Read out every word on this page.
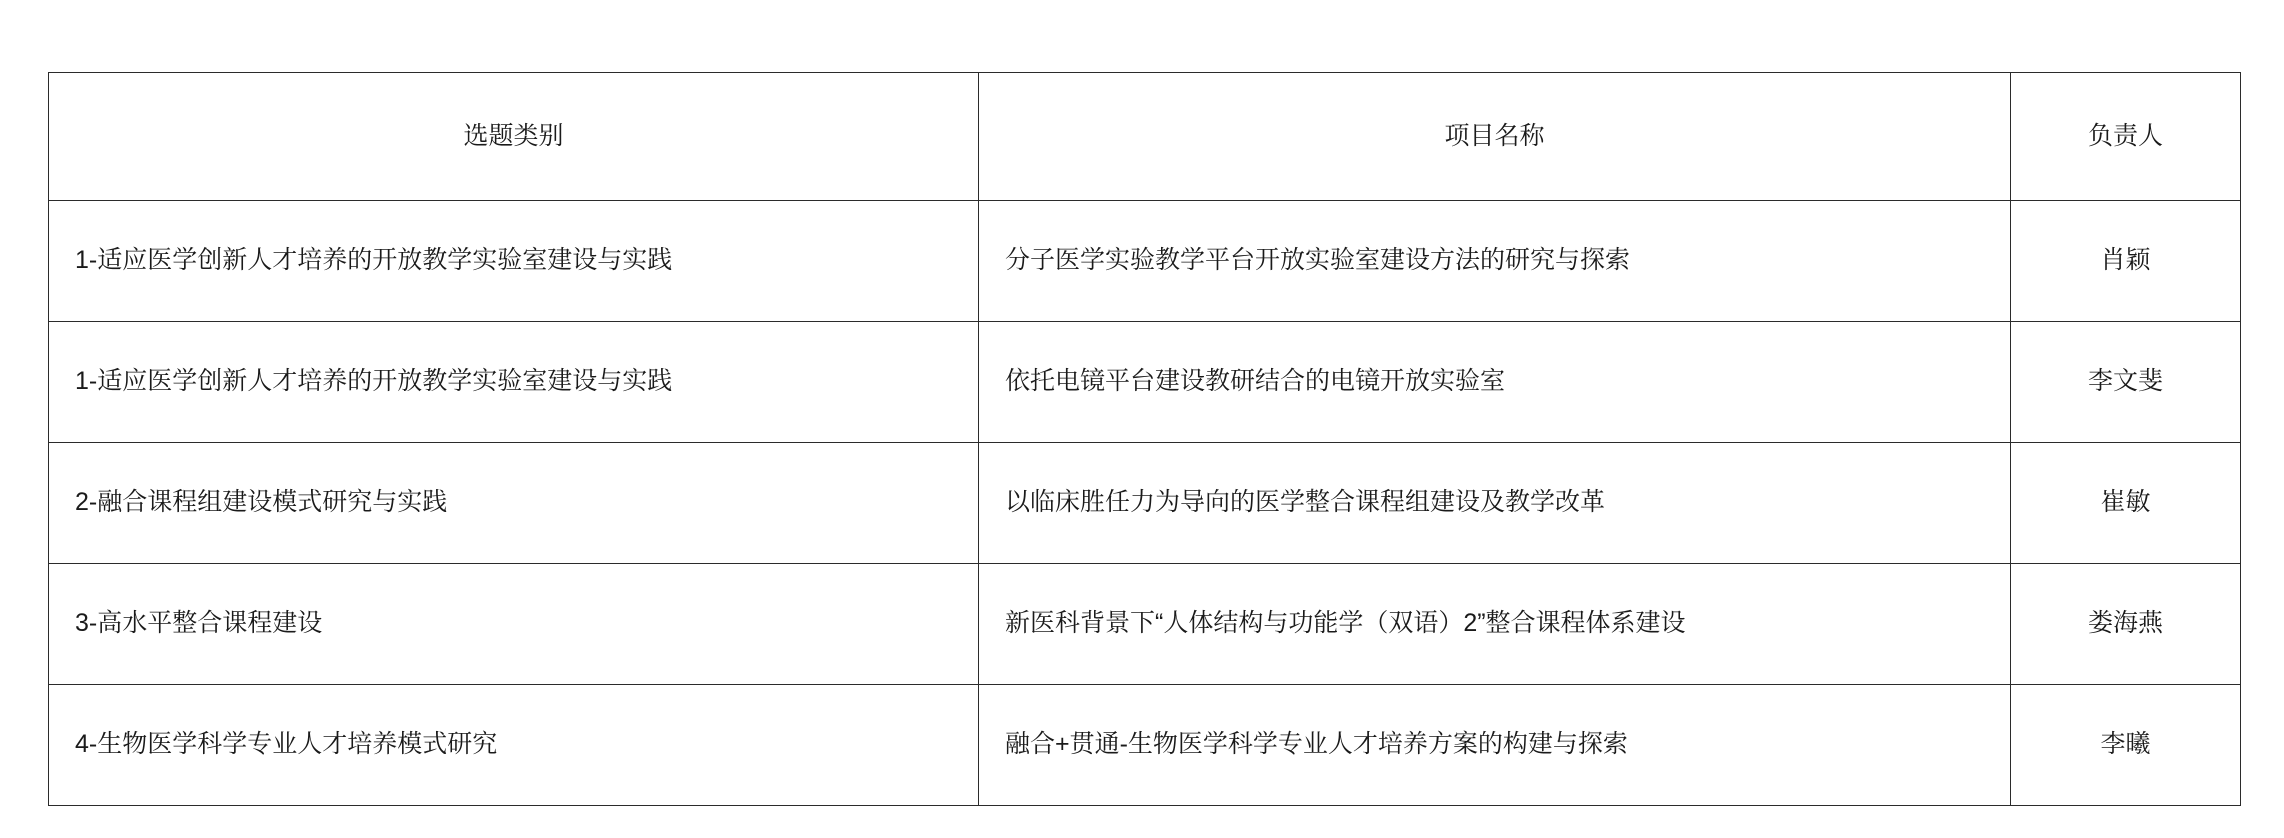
选题类别	项目名称	负责人
1-适应医学创新人才培养的开放教学实验室建设与实践	分子医学实验教学平台开放实验室建设方法的研究与探索	肖颖
1-适应医学创新人才培养的开放教学实验室建设与实践	依托电镜平台建设教研结合的电镜开放实验室	李文斐
2-融合课程组建设模式研究与实践	以临床胜任力为导向的医学整合课程组建设及教学改革	崔敏
3-高水平整合课程建设	新医科背景下“人体结构与功能学（双语）2”整合课程体系建设	娄海燕
4-生物医学科学专业人才培养模式研究	融合+贯通-生物医学科学专业人才培养方案的构建与探索	李曦
